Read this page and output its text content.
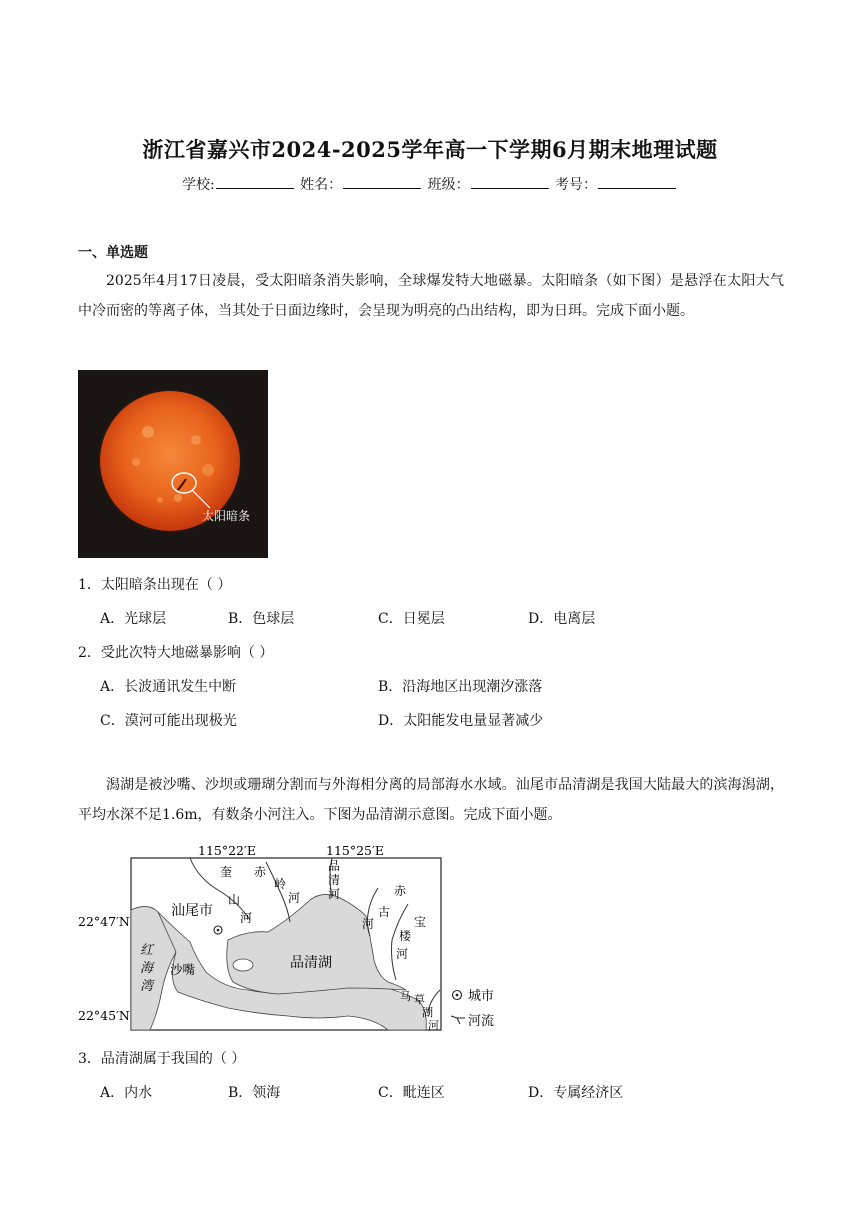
浙江省嘉兴市2024-2025学年高一下学期6月期末地理试题
学校:	姓名：	班级：	考号：
一、单选题
2025年4月17日凌晨，受太阳暗条消失影响，全球爆发特大地磁暴。太阳暗条（如下图）是悬浮在太阳大气中冷而密的等离子体，当其处于日面边缘时，会呈现为明亮的凸出结构，即为日珥。完成下面小题。
太阳暗条
1．太阳暗条出现在（ ）
A．光球层	B．色球层	C．日冕层	D．电离层
2．受此次特大地磁暴影响（ ）
A．长波通讯发生中断	B．沿海地区出现潮汐涨落
C．漠河可能出现极光	D．太阳能发电量显著减少
潟湖是被沙嘴、沙坝或珊瑚分割而与外海相分离的局部海水水域。汕尾市品清湖是我国大陆最大的滨海潟湖，平均水深不足1.6m，有数条小河注入。下图为品清湖示意图。完成下面小题。
115°22′E	115°25′E
22°47′N
22°45′N
汕尾市
品清湖
沙嘴
红
海
湾
奎 赤
岭
河
山
河
品
清
河	赤
古
河	宝
楼
河
马 草
湖
河
城市
河流
3．品清湖属于我国的（ ）
A．内水	B．领海	C．毗连区	D．专属经济区
